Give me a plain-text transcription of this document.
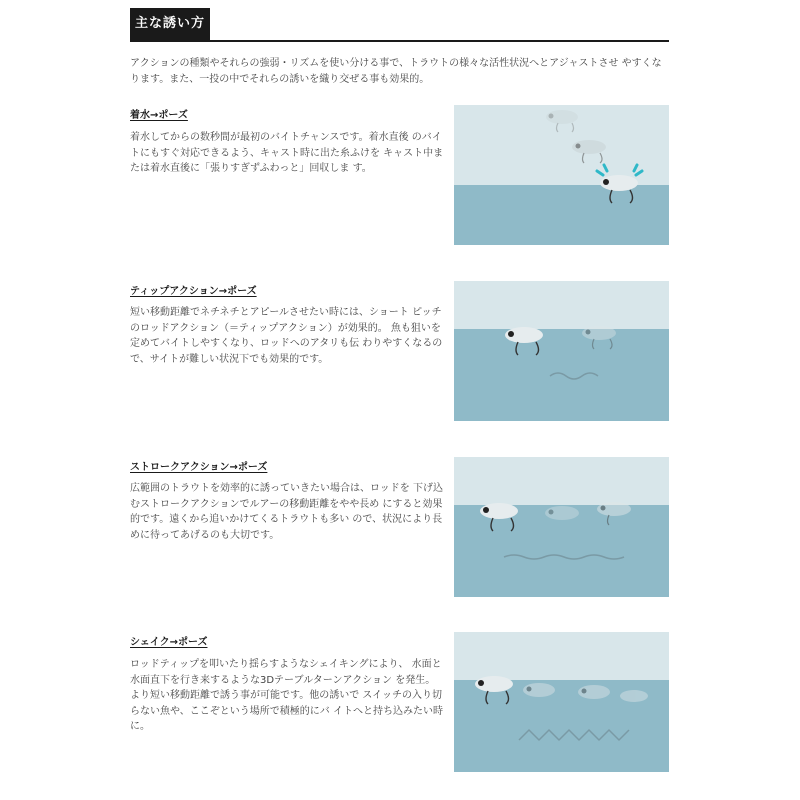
主な誘い方

アクションの種類やそれらの強弱・リズムを使い分ける事で、トラウトの様々な活性状況へとアジャストさせ やすくなります。また、一投の中でそれらの誘いを織り交ぜる事も効果的。

着水→ポーズ

着水してからの数秒間が最初のバイトチャンスです。着水直後 のバイトにもすぐ対応できるよう、キャスト時に出た糸ふけを キャスト中または着水直後に「張りすぎずふわっと」回収しま す。

ティップアクション→ポーズ

短い移動距離でネチネチとアピールさせたい時には、ショート ピッチのロッドアクション（＝ティップアクション）が効果的。 魚も狙いを定めてバイトしやすくなり、ロッドへのアタリも伝 わりやすくなるので、サイトが難しい状況下でも効果的です。

ストロークアクション→ポーズ

広範囲のトラウトを効率的に誘っていきたい場合は、ロッドを 下げ込むストロークアクションでルアーの移動距離をやや長め にすると効果的です。遠くから追いかけてくるトラウトも多い ので、状況により長めに待ってあげるのも大切です。

シェイク→ポーズ

ロッドティップを叩いたり揺らすようなシェイキングにより、 水面と水面直下を行き来するような3Dテーブルターンアクション を発生。より短い移動距離で誘う事が可能です。他の誘いで スイッチの入り切らない魚や、ここぞという場所で積極的にバ イトへと持ち込みたい時に。
